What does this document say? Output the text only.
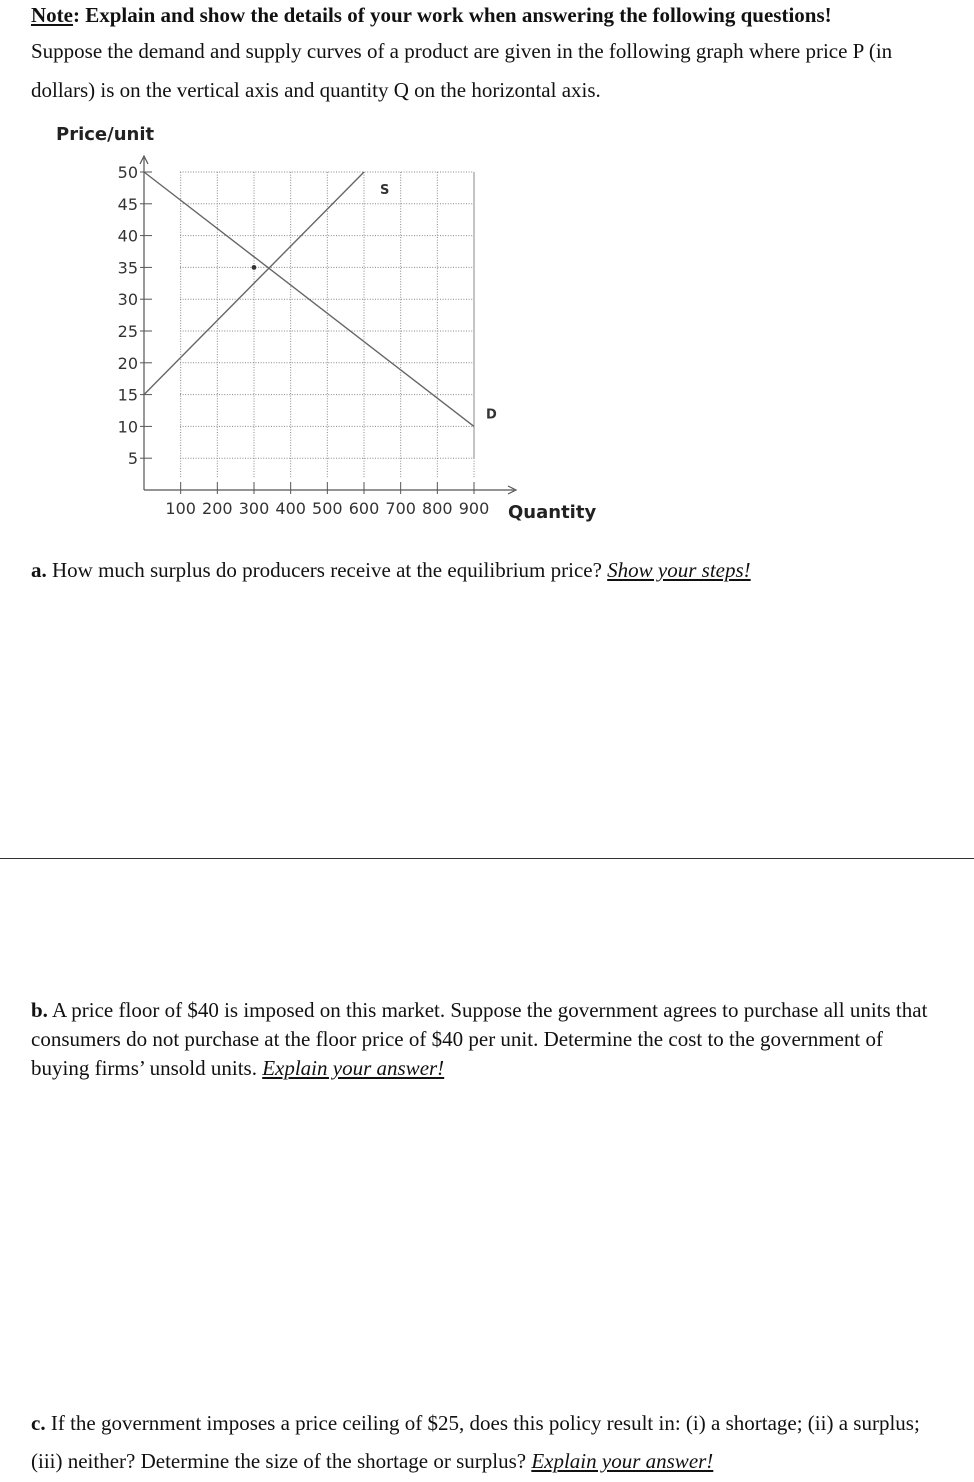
Note: Explain and show the details of your work when answering the following questions!

Suppose the demand and supply curves of a product are given in the following graph where price P (in dollars) is on the vertical axis and quantity Q on the horizontal axis.

5
10
15
20
25
30
35
40
45
50
100 200 300 400 500 600 700 800 900
S
D
Price/unit
Quantity

a. How much surplus do producers receive at the equilibrium price? Show your steps!

b. A price floor of $40 is imposed on this market. Suppose the government agrees to purchase all units that consumers do not purchase at the floor price of $40 per unit. Determine the cost to the government of buying firms’ unsold units. Explain your answer!

c. If the government imposes a price ceiling of $25, does this policy result in: (i) a shortage; (ii) a surplus; (iii) neither? Determine the size of the shortage or surplus? Explain your answer!
